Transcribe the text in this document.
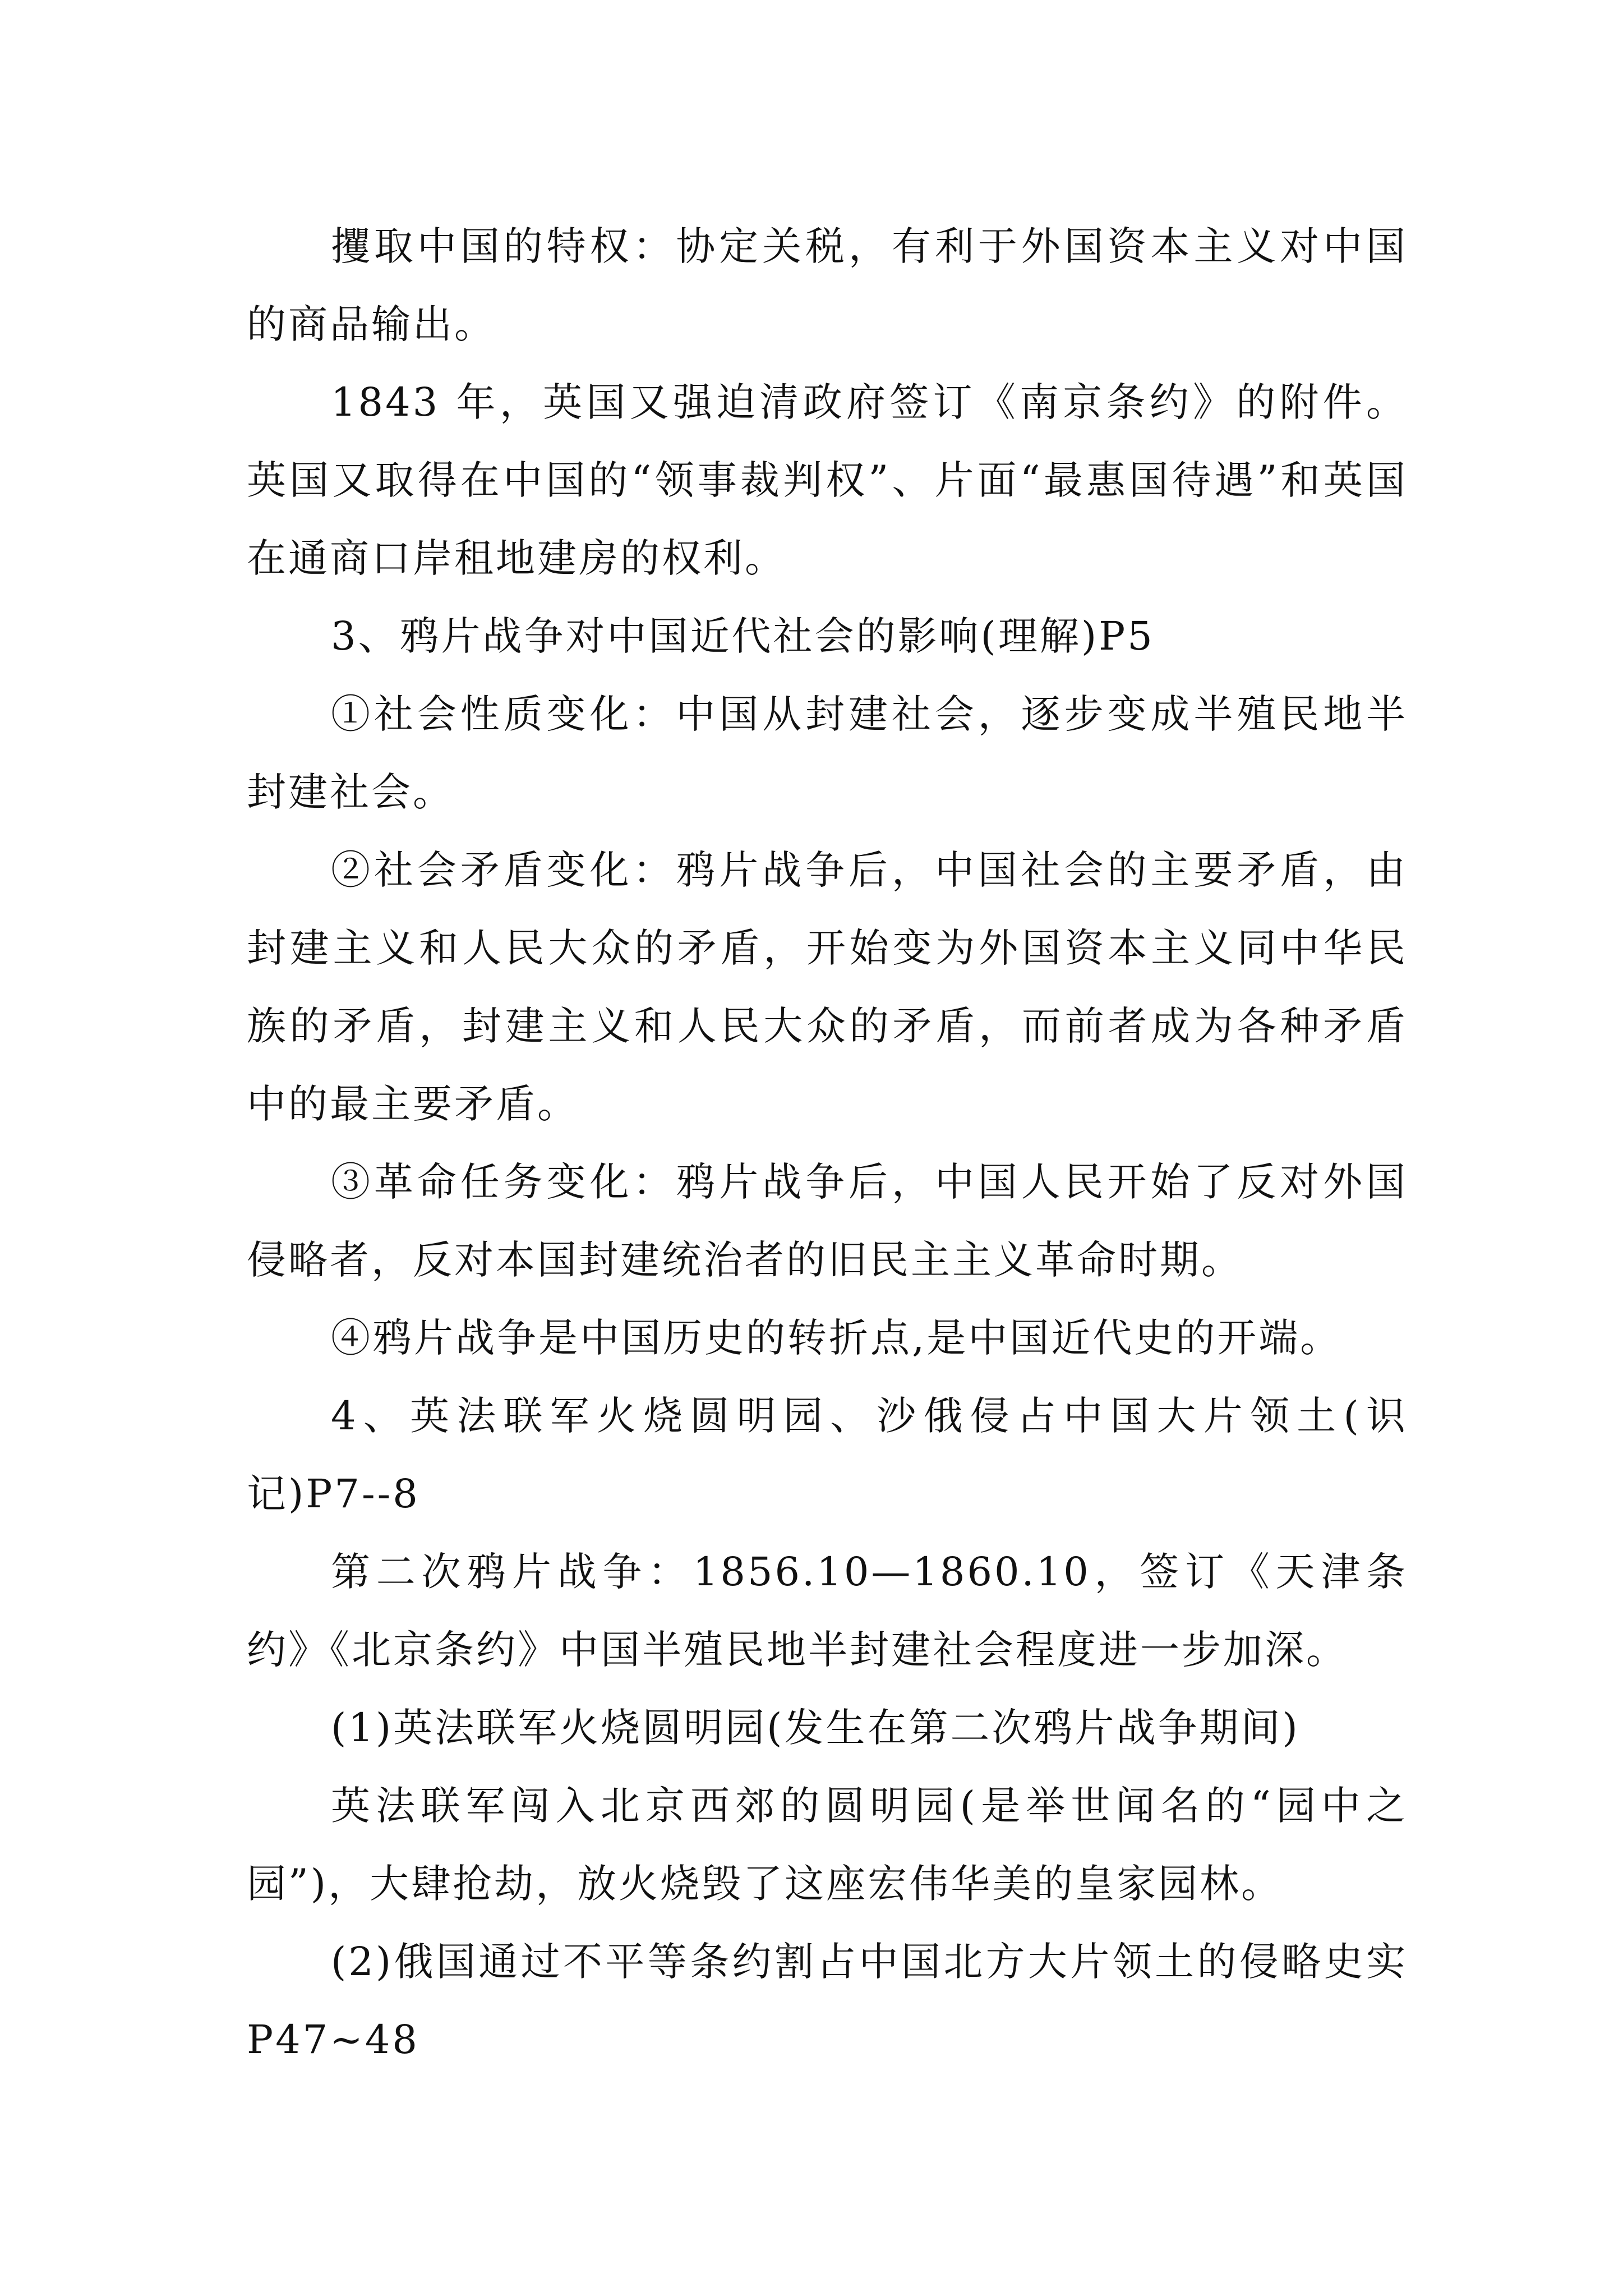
攫取中国的特权：协定关税，有利于外国资本主义对中国的商品输出。

1843 年，英国又强迫清政府签订《南京条约》的附件。英国又取得在中国的“领事裁判权”、片面“最惠国待遇”和英国在通商口岸租地建房的权利。

3、鸦片战争对中国近代社会的影响(理解)P5

①社会性质变化：中国从封建社会，逐步变成半殖民地半封建社会。

②社会矛盾变化：鸦片战争后，中国社会的主要矛盾，由封建主义和人民大众的矛盾，开始变为外国资本主义同中华民族的矛盾，封建主义和人民大众的矛盾，而前者成为各种矛盾中的最主要矛盾。

③革命任务变化：鸦片战争后，中国人民开始了反对外国侵略者，反对本国封建统治者的旧民主主义革命时期。

④鸦片战争是中国历史的转折点,是中国近代史的开端。

4、英法联军火烧圆明园、沙俄侵占中国大片领土(识记)P7--8

第二次鸦片战争：1856.10—1860.10，签订《天津条约》《北京条约》中国半殖民地半封建社会程度进一步加深。

(1)英法联军火烧圆明园(发生在第二次鸦片战争期间)

英法联军闯入北京西郊的圆明园(是举世闻名的“园中之园”)，大肆抢劫，放火烧毁了这座宏伟华美的皇家园林。

(2)俄国通过不平等条约割占中国北方大片领土的侵略史实 P47~48
